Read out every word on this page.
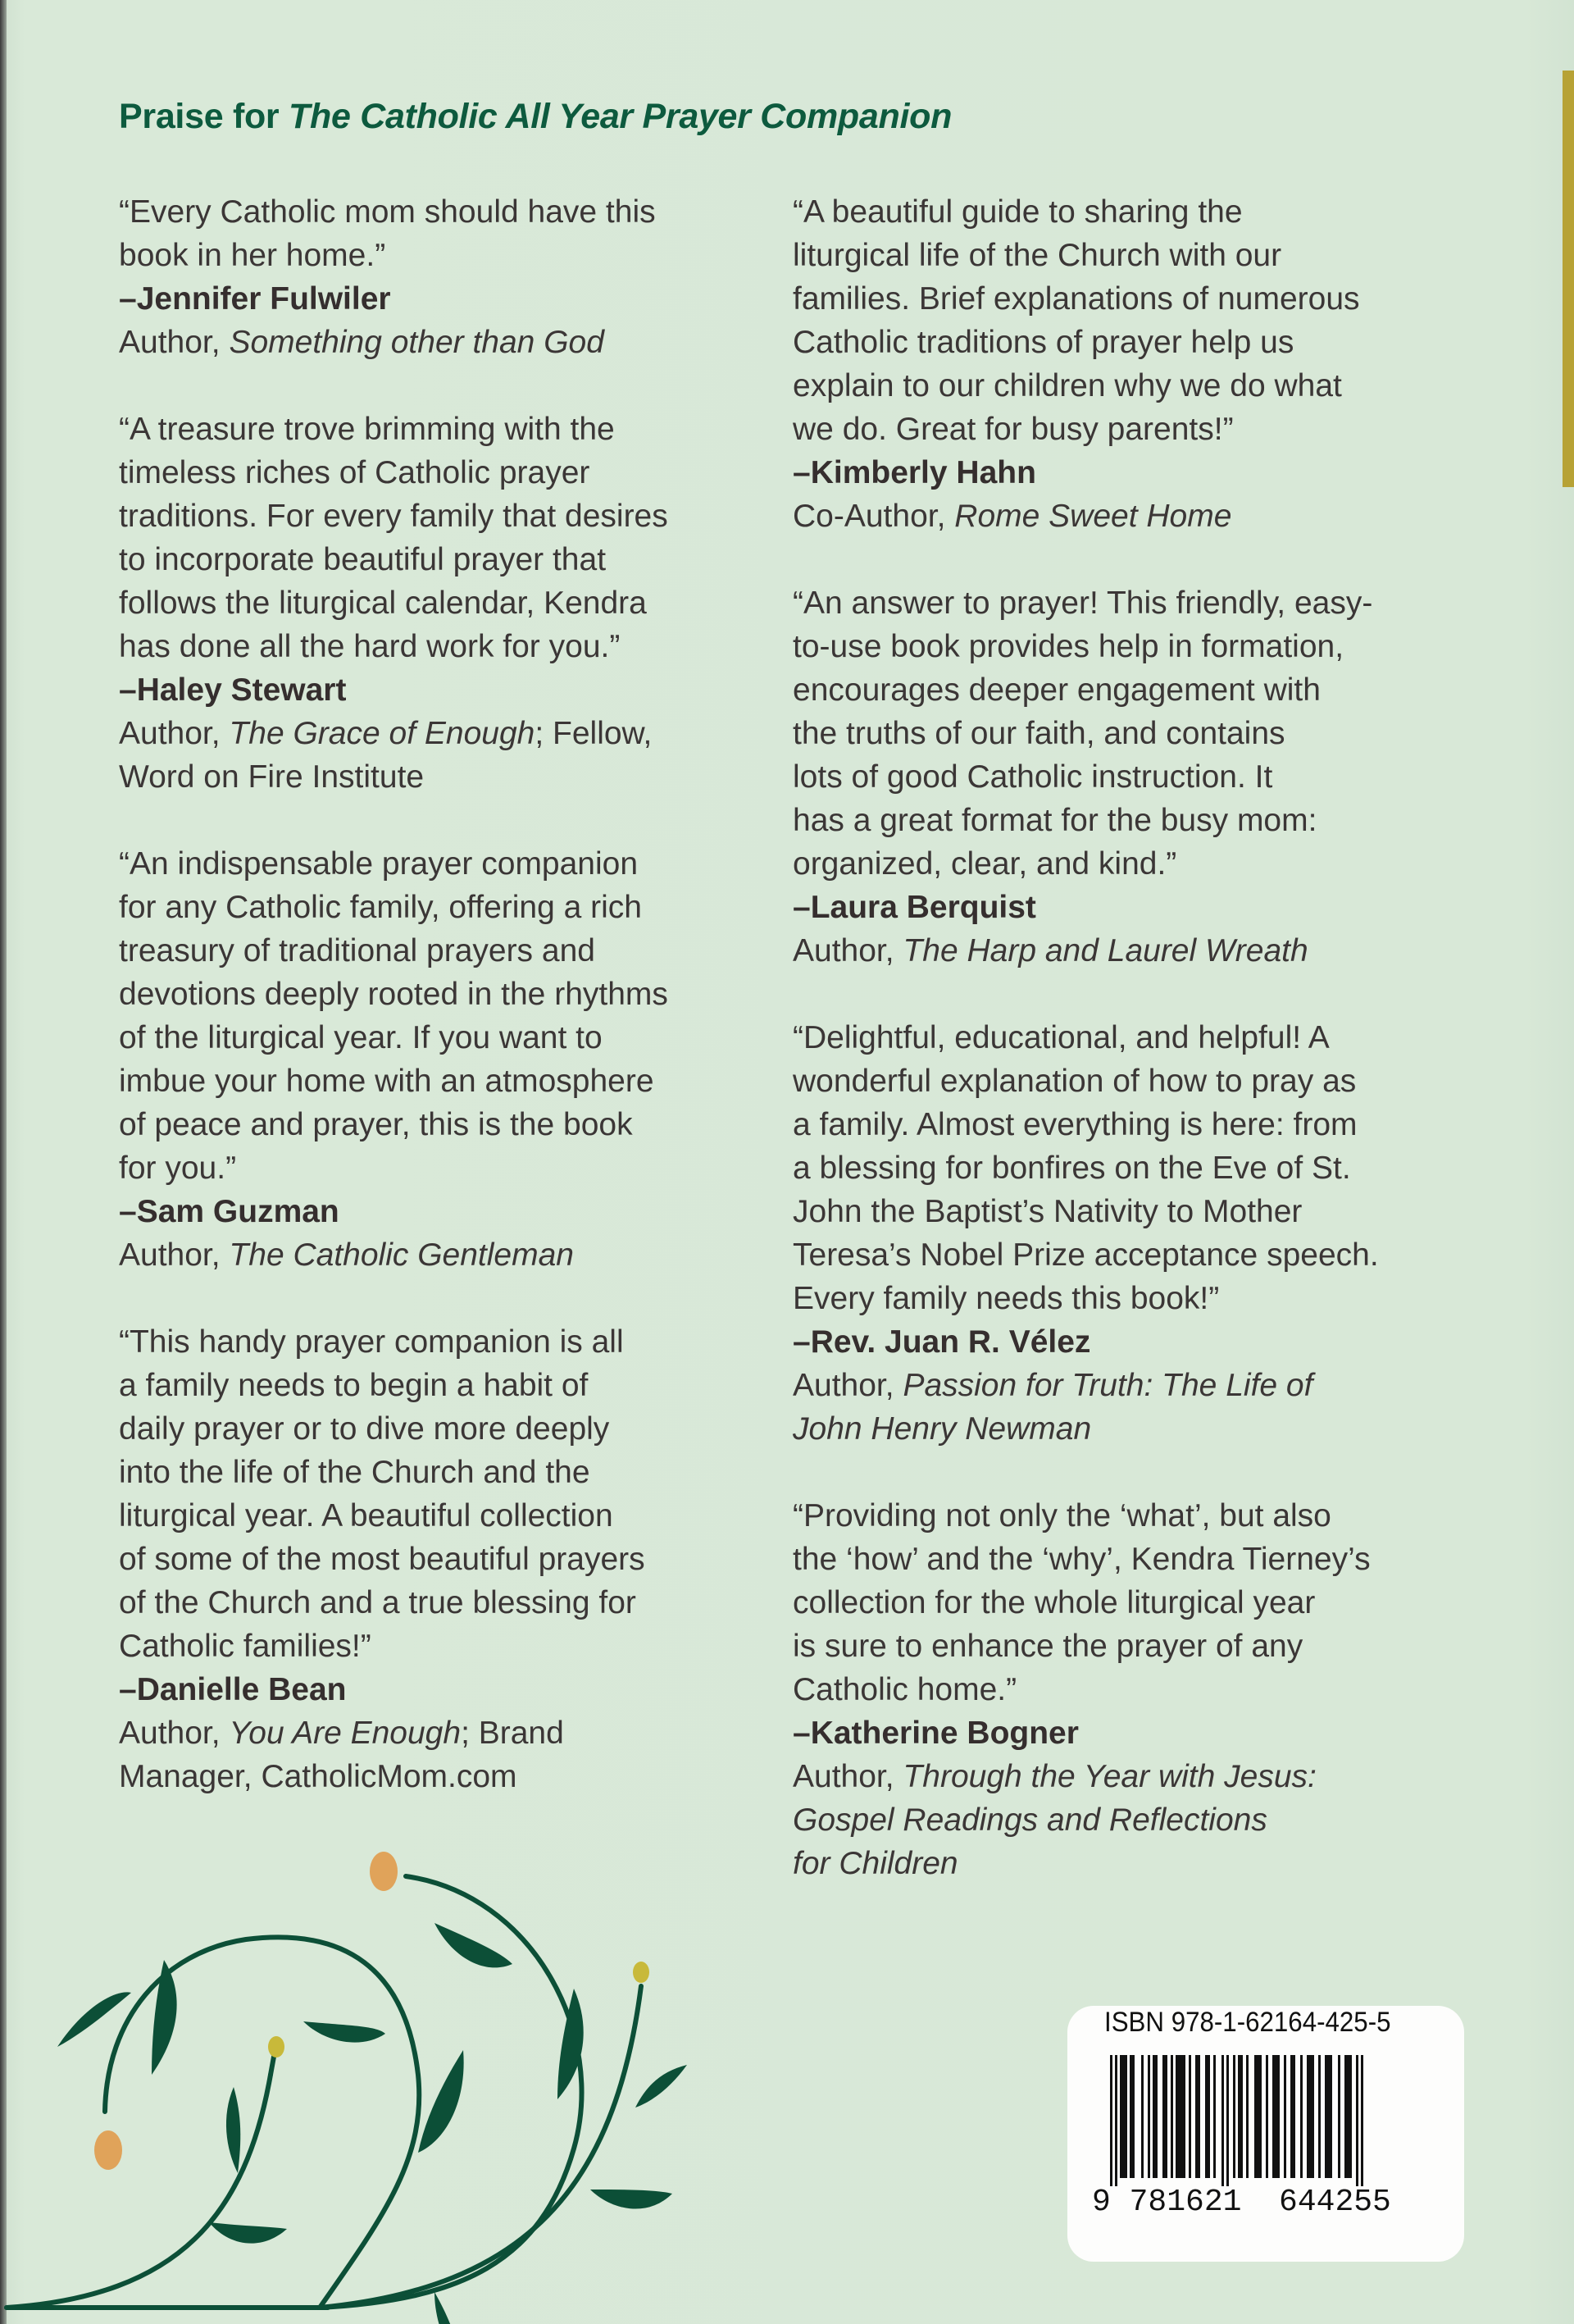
Praise for The Catholic All Year Prayer Companion
“Every Catholic mom should have this
book in her home.”
–Jennifer Fulwiler
Author, Something other than God
“A treasure trove brimming with the
timeless riches of Catholic prayer
traditions. For every family that desires
to incorporate beautiful prayer that
follows the liturgical calendar, Kendra
has done all the hard work for you.”
–Haley Stewart
Author, The Grace of Enough; Fellow,
Word on Fire Institute
“An indispensable prayer companion
for any Catholic family, offering a rich
treasury of traditional prayers and
devotions deeply rooted in the rhythms
of the liturgical year. If you want to
imbue your home with an atmosphere
of peace and prayer, this is the book
for you.”
–Sam Guzman
Author, The Catholic Gentleman
“This handy prayer companion is all
a family needs to begin a habit of
daily prayer or to dive more deeply
into the life of the Church and the
liturgical year. A beautiful collection
of some of the most beautiful prayers
of the Church and a true blessing for
Catholic families!”
–Danielle Bean
Author, You Are Enough; Brand
Manager, CatholicMom.com
“A beautiful guide to sharing the
liturgical life of the Church with our
families. Brief explanations of numerous
Catholic traditions of prayer help us
explain to our children why we do what
we do. Great for busy parents!”
–Kimberly Hahn
Co-Author, Rome Sweet Home
“An answer to prayer! This friendly, easy-
to-use book provides help in formation,
encourages deeper engagement with
the truths of our faith, and contains
lots of good Catholic instruction. It
has a great format for the busy mom:
organized, clear, and kind.”
–Laura Berquist
Author, The Harp and Laurel Wreath
“Delightful, educational, and helpful! A
wonderful explanation of how to pray as
a family. Almost everything is here: from
a blessing for bonfires on the Eve of St.
John the Baptist’s Nativity to Mother
Teresa’s Nobel Prize acceptance speech.
Every family needs this book!”
–Rev. Juan R. Vélez
Author, Passion for Truth: The Life of
John Henry Newman
“Providing not only the ‘what’, but also
the ‘how’ and the ‘why’, Kendra Tierney’s
collection for the whole liturgical year
is sure to enhance the prayer of any
Catholic home.”
–Katherine Bogner
Author, Through the Year with Jesus:
Gospel Readings and Reflections
for Children
ISBN 978-1-62164-425-5
9 781621  644255
